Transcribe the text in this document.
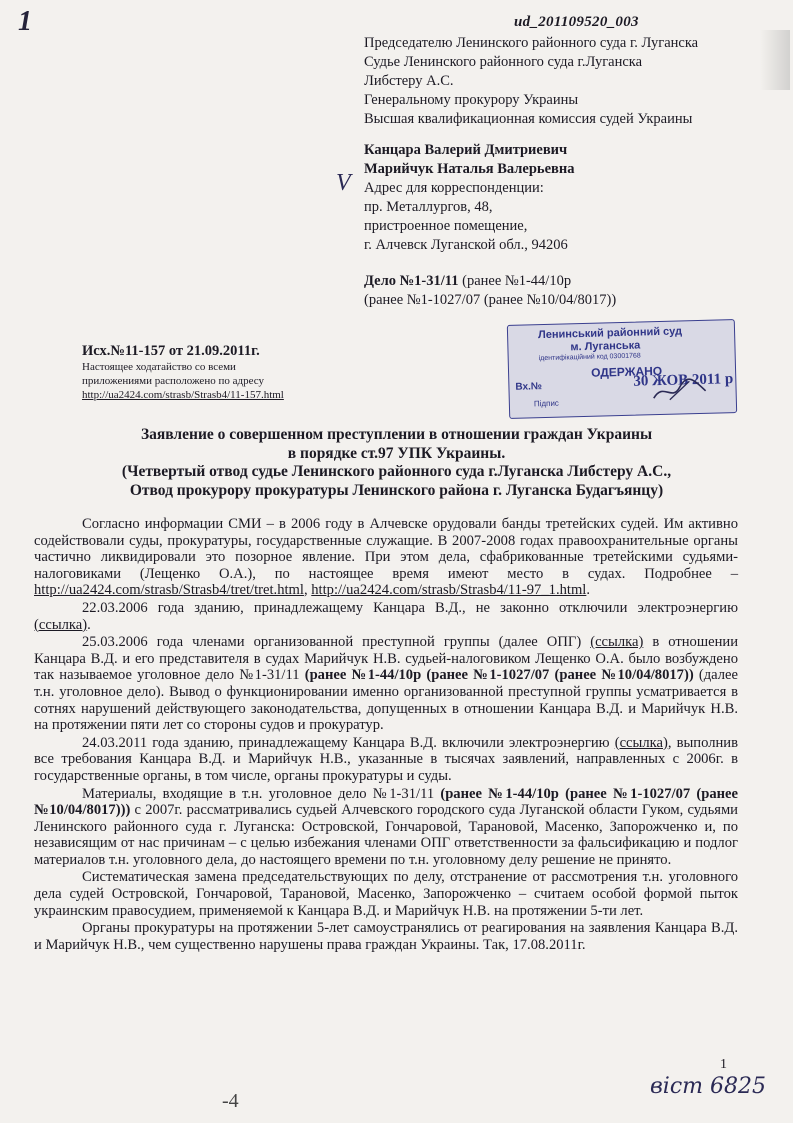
1	ud_201109520_003
Председателю Ленинского районного суда г. Луганска
Судье Ленинского районного суда г.Луганска
Либстеру А.С.
Генеральному прокурору Украины
Высшая квалификационная комиссия судей Украины
V
Канцара Валерий Дмитриевич
Марийчук Наталья Валерьевна
Адрес для корреспонденции:
пр. Металлургов, 48,
пристроенное помещение,
г. Алчевск Луганской обл., 94206
Дело №1-31/11 (ранее №1-44/10р
(ранее №1-1027/07 (ранее №10/04/8017))
Ленинський районний суд
м. Луганська
ідентифікаційний код 03001768
ОДЕРЖАНО
Вх.№	30 ЖОВ 2011 р
Підпис
Исх.№11-157 от 21.09.2011г.
Настоящее ходатайство со всеми
приложениями расположено по адресу
http://ua2424.com/strasb/Strasb4/11-157.html
Заявление о совершенном преступлении в отношении граждан Украины
в порядке ст.97 УПК Украины.
(Четвертый отвод судье Ленинского районного суда г.Луганска Либстеру А.С.,
Отвод прокурору прокуратуры Ленинского района г. Луганска Будагъянцу)

Согласно информации СМИ – в 2006 году в Алчевске орудовали банды третейских судей. Им активно содействовали суды, прокуратуры, государственные служащие. В 2007-2008 годах правоохранительные органы частично ликвидировали это позорное явление. При этом дела, сфабрикованные третейскими судьями-налоговиками (Лещенко О.А.), по настоящее время имеют место в судах. Подробнее – http://ua2424.com/strasb/Strasb4/tret/tret.html, http://ua2424.com/strasb/Strasb4/11-97_1.html.

22.03.2006 года зданию, принадлежащему Канцара В.Д., не законно отключили электроэнергию (ссылка).

25.03.2006 года членами организованной преступной группы (далее ОПГ) (ссылка) в отношении Канцара В.Д. и его представителя в судах Марийчук Н.В. судьей-налоговиком Лещенко О.А. было возбуждено так называемое уголовное дело №1-31/11 (ранее №1-44/10р (ранее №1-1027/07 (ранее №10/04/8017)) (далее т.н. уголовное дело). Вывод о функционировании именно организованной преступной группы усматривается в сотнях нарушений действующего законодательства, допущенных в отношении Канцара В.Д. и Марийчук Н.В. на протяжении пяти лет со стороны судов и прокуратур.

24.03.2011 года зданию, принадлежащему Канцара В.Д. включили электроэнергию (ссылка), выполнив все требования Канцара В.Д. и Марийчук Н.В., указанные в тысячах заявлений, направленных с 2006г. в государственные органы, в том числе, органы прокуратуры и суды.

Материалы, входящие в т.н. уголовное дело №1-31/11 (ранее №1-44/10р (ранее №1-1027/07 (ранее №10/04/8017))) с 2007г. рассматривались судьей Алчевского городского суда Луганской области Гуком, судьями Ленинского районного суда г. Луганска: Островской, Гончаровой, Тарановой, Масенко, Запорожченко и, по независящим от нас причинам – с целью избежания членами ОПГ ответственности за фальсификацию и подлог материалов т.н. уголовного дела, до настоящего времени по т.н. уголовному делу решение не принято.

Систематическая замена председательствующих по делу, отстранение от рассмотрения т.н. уголовного дела судей Островской, Гончаровой, Тарановой, Масенко, Запорожченко – считаем особой формой пыток украинским правосудием, применяемой к Канцара В.Д. и Марийчук Н.В. на протяжении 5-ти лет.

Органы прокуратуры на протяжении 5-лет самоустранялись от реагирования на заявления Канцара В.Д. и Марийчук Н.В., чем существенно нарушены права граждан Украины. Так, 17.08.2011г.

1
віст 6825
-4
